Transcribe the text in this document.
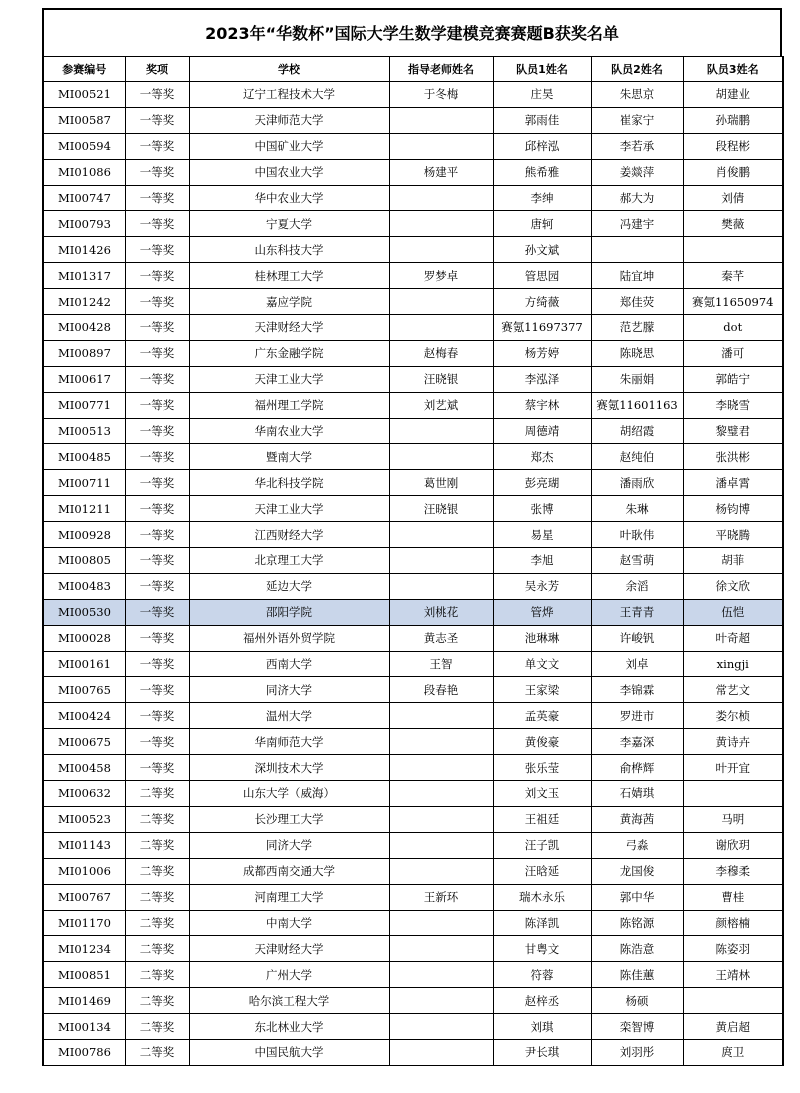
2023年“华数杯”国际大学生数学建模竞赛赛题B获奖名单
参赛编号	奖项	学校	指导老师姓名	队员1姓名	队员2姓名	队员3姓名
MI00521	一等奖	辽宁工程技术大学	于冬梅	庄昊	朱思京	胡建业
MI00587	一等奖	天津师范大学		郭雨佳	崔家宁	孙瑞鹏
MI00594	一等奖	中国矿业大学		邱梓泓	李若承	段程彬
MI01086	一等奖	中国农业大学	杨建平	熊希雅	姜燚萍	肖俊鹏
MI00747	一等奖	华中农业大学		李绅	郝大为	刘倩
MI00793	一等奖	宁夏大学		唐轲	冯建宇	樊薇
MI01426	一等奖	山东科技大学		孙文斌		
MI01317	一等奖	桂林理工大学	罗梦卓	管思园	陆宜坤	秦芊
MI01242	一等奖	嘉应学院		方绮薇	郑佳荧	赛氪11650974
MI00428	一等奖	天津财经大学		赛氪11697377	范艺朦	dot
MI00897	一等奖	广东金融学院	赵梅春	杨芳婷	陈晓思	潘可
MI00617	一等奖	天津工业大学	汪晓银	李泓泽	朱丽娟	郭皓宁
MI00771	一等奖	福州理工学院	刘艺斌	蔡宇林	赛氪11601163	李晓雪
MI00513	一等奖	华南农业大学		周德靖	胡绍霞	黎璧君
MI00485	一等奖	暨南大学		郑杰	赵纯伯	张洪彬
MI00711	一等奖	华北科技学院	葛世刚	彭亮瑚	潘雨欣	潘卓霄
MI01211	一等奖	天津工业大学	汪晓银	张博	朱琳	杨钧博
MI00928	一等奖	江西财经大学		易星	叶耿伟	平晓腾
MI00805	一等奖	北京理工大学		李旭	赵雪萌	胡菲
MI00483	一等奖	延边大学		吴永芳	余滔	徐文欣
MI00530	一等奖	邵阳学院	刘桃花	管烨	王青青	伍恺
MI00028	一等奖	福州外语外贸学院	黄志圣	池琳琳	许峻钒	叶奇超
MI00161	一等奖	西南大学	王智	单文文	刘卓	xingji
MI00765	一等奖	同济大学	段春艳	王家梁	李锦霖	常艺文
MI00424	一等奖	温州大学		孟英豪	罗进市	娄尔桢
MI00675	一等奖	华南师范大学		黄俊豪	李嘉深	黄诗卉
MI00458	一等奖	深圳技术大学		张乐莹	俞桦辉	叶开宜
MI00632	二等奖	山东大学（威海）		刘文玉	石婧琪	
MI00523	二等奖	长沙理工大学		王祖廷	黄海茜	马明
MI01143	二等奖	同济大学		汪子凯	弓淼	谢欣玥
MI01006	二等奖	成都西南交通大学		汪晗延	龙国俊	李穆柔
MI00767	二等奖	河南理工大学	王新环	瑞木永乐	郭中华	曹桂
MI01170	二等奖	中南大学		陈泽凯	陈铭源	颜榕楠
MI01234	二等奖	天津财经大学		甘粤文	陈浩意	陈姿羽
MI00851	二等奖	广州大学		符蓉	陈佳蕙	王靖林
MI01469	二等奖	哈尔滨工程大学		赵梓丞	杨硕	
MI00134	二等奖	东北林业大学		刘琪	栾智博	黄启超
MI00786	二等奖	中国民航大学		尹长琪	刘羽彤	庹卫
